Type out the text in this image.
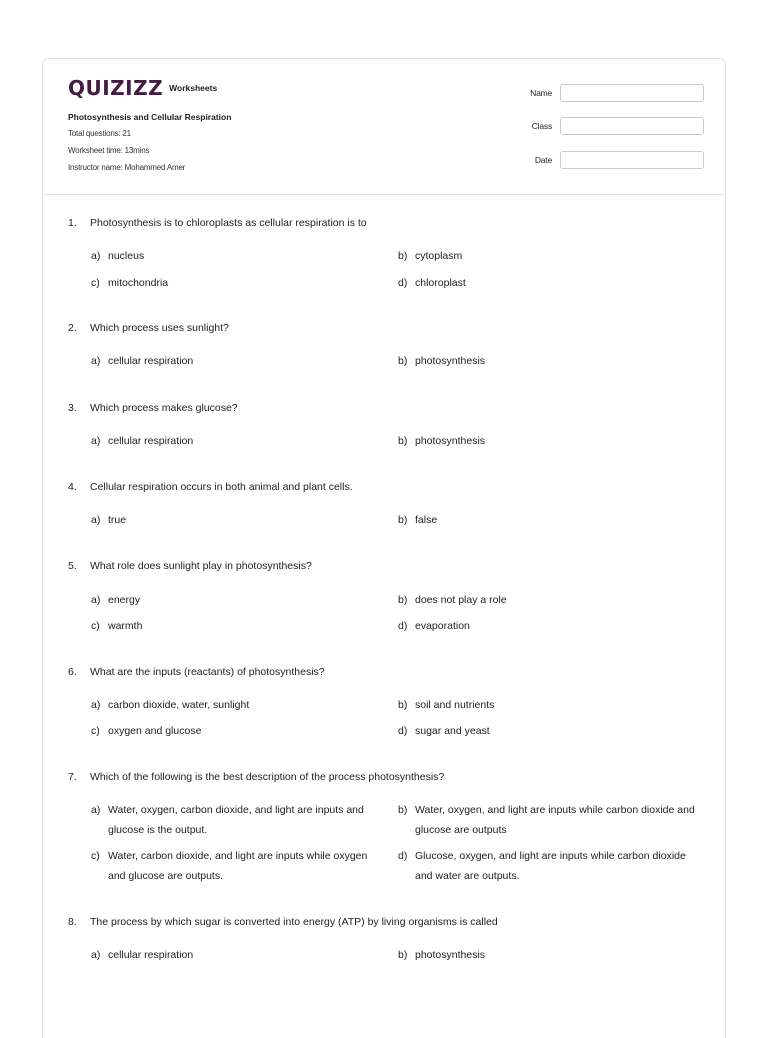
QUIZIZZ Worksheets
Photosynthesis and Cellular Respiration
Total questions: 21
Worksheet time: 13mins
Instructor name: Mohammed Amer
Name
Class
Date
1. Photosynthesis is to chloroplasts as cellular respiration is to
a) nucleus	b) cytoplasm
c) mitochondria	d) chloroplast
2. Which process uses sunlight?
a) cellular respiration	b) photosynthesis
3. Which process makes glucose?
a) cellular respiration	b) photosynthesis
4. Cellular respiration occurs in both animal and plant cells.
a) true	b) false
5. What role does sunlight play in photosynthesis?
a) energy	b) does not play a role
c) warmth	d) evaporation
6. What are the inputs (reactants) of photosynthesis?
a) carbon dioxide, water, sunlight	b) soil and nutrients
c) oxygen and glucose	d) sugar and yeast
7. Which of the following is the best description of the process photosynthesis?
a) Water, oxygen, carbon dioxide, and light are inputs and glucose is the output.
b) Water, oxygen, and light are inputs while carbon dioxide and glucose are outputs
c) Water, carbon dioxide, and light are inputs while oxygen and glucose are outputs.
d) Glucose, oxygen, and light are inputs while carbon dioxide and water are outputs.
8. The process by which sugar is converted into energy (ATP) by living organisms is called
a) cellular respiration	b) photosynthesis
